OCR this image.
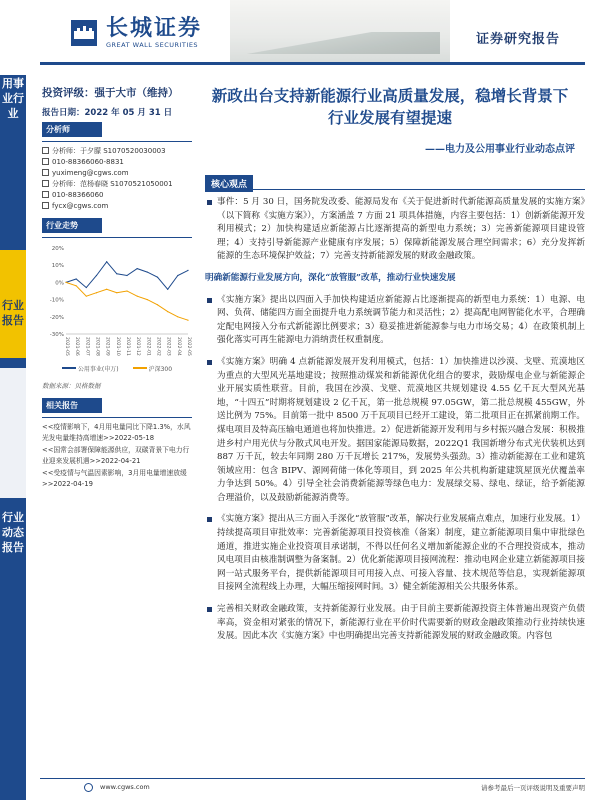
用事业行业
行业报告
行业动态报告
长城证券
GREAT WALL SECURITIES	证券研究报告
投资评级：强于大市（维持）
报告日期：2022 年 05 月 31 日
分析师
分析师：于夕朦 S1070520030003
010-88366060-8831
yuximeng@cgws.com
分析师：范杨春晓 S1070521050001
010-88366060
fycx@cgws.com
行业走势
20%
10%
0%
-10%
-20%
-30%
2021-05 2021-06 2021-07 2021-08 2021-09 2021-10 2021-11 2021-12 2022-01 2022-02 2022-03 2022-04 2022-05
公用事业(申万)	沪深300
数据来源：贝格数据
相关报告
<<疫情影响下，4月用电量同比下降1.3%，水风光发电量维持高增速>>2022-05-18
<<国常会部署保障能源供应，双碳背景下电力行业迎来发展机遇>>2022-04-21
<<受疫情与气温因素影响，3月用电量增速放缓>>2022-04-19
新政出台支持新能源行业高质量发展，稳增长背景下行业发展有望提速
——电力及公用事业行业动态点评
核心观点
事件：5 月 30 日，国务院发改委、能源局发布《关于促进新时代新能源高质量发展的实施方案》（以下简称《实施方案》），方案涵盖 7 方面 21 项具体措施，内容主要包括：1）创新新能源开发利用模式；2）加快构建适应新能源占比逐渐提高的新型电力系统；3）完善新能源项目建设管理；4）支持引导新能源产业健康有序发展；5）保障新能源发展合理空间需求；6）充分发挥新能源的生态环境保护效益；7）完善支持新能源发展的财政金融政策。
明确新能源行业发展方向，深化“放管服”改革，推动行业快速发展
《实施方案》提出以四面入手加快构建适应新能源占比逐渐提高的新型电力系统：1）电源、电网、负荷、储能四方面全面提升电力系统调节能力和灵活性；2）提高配电网智能化水平，合理确定配电网接入分布式新能源比例要求；3）稳妥推进新能源参与电力市场交易；4）在政策机制上强化落实可再生能源电力消纳责任权重制度。
《实施方案》明确 4 点新能源发展开发利用模式，包括：1）加快推进以沙漠、戈壁、荒漠地区为重点的大型风光基地建设；按照推动煤炭和新能源优化组合的要求，鼓励煤电企业与新能源企业开展实质性联营。目前，我国在沙漠、戈壁、荒漠地区共规划建设 4.55 亿千瓦大型风光基地，“十四五”时期将规划建设 2 亿千瓦，第一批总规模 97.05GW，第二批总规模 455GW，外送比例为 75%。目前第一批中 8500 万千瓦项目已经开工建设，第二批项目正在抓紧前期工作。煤电项目及特高压输电通道也将加快推进。2）促进新能源开发利用与乡村振兴融合发展：积极推进乡村户用光伏与分散式风电开发。据国家能源局数据，2022Q1 我国新增分布式光伏装机达到 887 万千瓦，较去年同期 280 万千瓦增长 217%，发展势头强劲。3）推动新能源在工业和建筑领域应用：包含 BIPV、源网荷储一体化等项目，到 2025 年公共机构新建建筑屋顶光伏覆盖率力争达到 50%。4）引导全社会消费新能源等绿色电力：发展绿交易、绿电、绿证，给予新能源合理溢价，以及鼓励新能源消费等。
《实施方案》提出从三方面入手深化“放管服”改革，解决行业发展痛点难点，加速行业发展。1）持续提高项目审批效率：完善新能源项目投资核准（备案）制度，建立新能源项目集中审批绿色通道，推进实施企业投资项目承诺制，不得以任何名义增加新能源企业的不合理投资成本，推动风电项目由核准制调整为备案制。2）优化新能源项目接网流程：推动电网企业建立新能源项目接网一站式服务平台，提供新能源项目可用接入点、可接入容量、技术规范等信息，实现新能源项目接网全流程线上办理，大幅压缩接网时间。3）健全新能源相关公共服务体系。
完善相关财政金融政策，支持新能源行业发展。由于目前主要新能源投资主体普遍出现资产负债率高，资金相对紧张的情况下，新能源行业在平价时代需要新的财政金融政策推动行业持续快速发展。因此本次《实施方案》中也明确提出完善支持新能源发展的财政金融政策。内容包
www.cgws.com	请参考最后一页评级说明及重要声明
